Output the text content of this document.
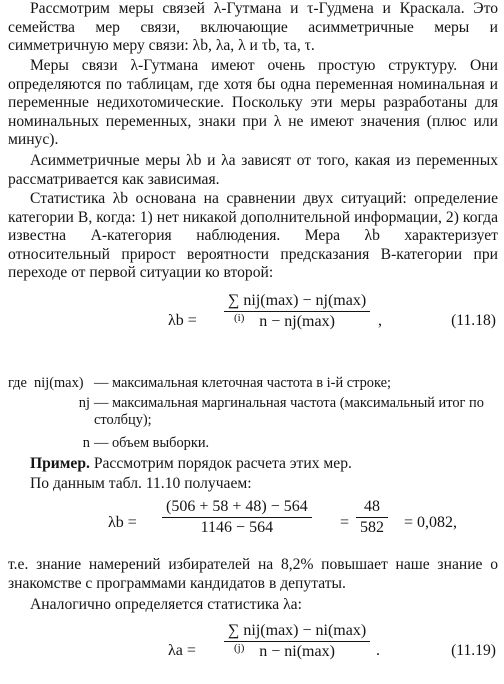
Рассмотрим меры связей λ-Гутмана и τ-Гудмена и Краскала. Это семейства мер связи, включающие асимметричные меры и симметричную меру связи: λb, λa, λ и τb, τa, τ.

Меры связи λ-Гутмана имеют очень простую структуру. Они определяются по таблицам, где хотя бы одна переменная номинальная и переменные недихотомические. Поскольку эти меры разработаны для номинальных переменных, знаки при λ не имеют значения (плюс или минус).

Асимметричные меры λb и λa зависят от того, какая из переменных рассматривается как зависимая.

Статистика λb основана на сравнении двух ситуаций: определение категории B, когда: 1) нет никакой дополнительной информации, 2) когда известна A-категория наблюдения. Мера λb характеризует относительный прирост вероятности предсказания B-категории при переходе от первой ситуации ко второй:

λb =
∑ nij(max) − nj(max)
(i) n − nj(max)	,	(11.18)
где nij(max) — максимальная клеточная частота в i-й строке;
nj — максимальная маргинальная частота (максимальный итог по столбцу);
n — объем выборки.

Пример. Рассмотрим порядок расчета этих мер.

По данным табл. 11.10 получаем:

$\lambda b = \frac{(506 + 58 + 48) - 564}{1146 - 564} = \frac{48}{582} = 0,082$,

т.е. знание намерений избирателей на 8,2% повышает наше знание о знакомстве с программами кандидатов в депутаты.

Аналогично определяется статистика λa:

λa =
∑ nij(max) − ni(max)
(j) n − ni(max)	.	(11.19)
